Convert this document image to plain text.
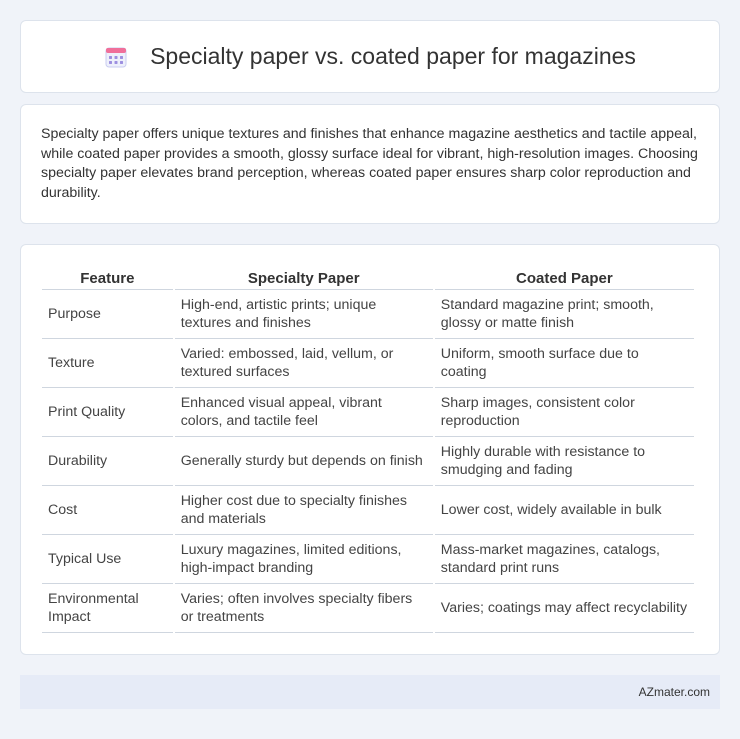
Specialty paper vs. coated paper for magazines

Specialty paper offers unique textures and finishes that enhance magazine aesthetics and tactile appeal, while coated paper provides a smooth, glossy surface ideal for vibrant, high-resolution images. Choosing specialty paper elevates brand perception, whereas coated paper ensures sharp color reproduction and durability.

Feature	Specialty Paper	Coated Paper
Purpose	High-end, artistic prints; unique textures and finishes	Standard magazine print; smooth, glossy or matte finish
Texture	Varied: embossed, laid, vellum, or textured surfaces	Uniform, smooth surface due to coating
Print Quality	Enhanced visual appeal, vibrant colors, and tactile feel	Sharp images, consistent color reproduction
Durability	Generally sturdy but depends on finish	Highly durable with resistance to smudging and fading
Cost	Higher cost due to specialty finishes and materials	Lower cost, widely available in bulk
Typical Use	Luxury magazines, limited editions, high-impact branding	Mass-market magazines, catalogs, standard print runs
Environmental Impact	Varies; often involves specialty fibers or treatments	Varies; coatings may affect recyclability
AZmater.com
